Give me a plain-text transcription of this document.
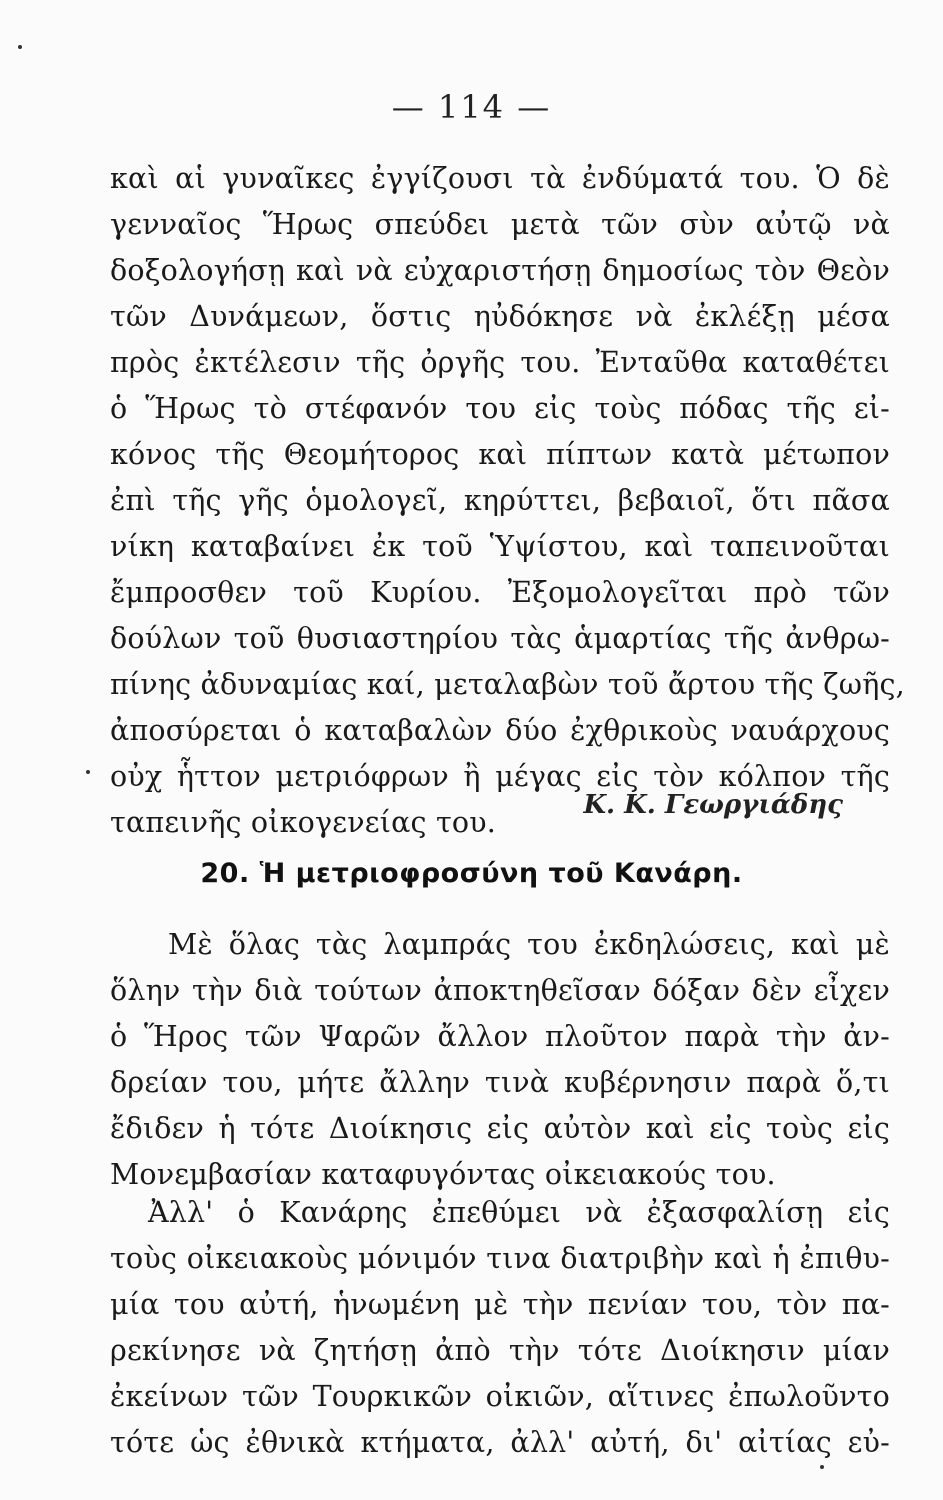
— 114 —
καὶ αἱ γυναῖκες ἐγγίζουσι τὰ ἐνδύματά του. Ὁ δὲ
γενναῖος Ἥρως σπεύδει μετὰ τῶν σὺν αὐτῷ νὰ
δοξολογήσῃ καὶ νὰ εὐχαριστήσῃ δημοσίως τὸν Θεὸν
τῶν Δυνάμεων, ὅστις ηὐδόκησε νὰ ἐκλέξῃ μέσα
πρὸς ἐκτέλεσιν τῆς ὀργῆς του. Ἐνταῦθα καταθέτει
ὁ Ἥρως τὸ στέφανόν του εἰς τοὺς πόδας τῆς εἰ-
κόνος τῆς Θεομήτορος καὶ πίπτων κατὰ μέτωπον
ἐπὶ τῆς γῆς ὁμολογεῖ, κηρύττει, βεβαιοῖ, ὅτι πᾶσα
νίκη καταβαίνει ἐκ τοῦ Ὑψίστου, καὶ ταπεινοῦται
ἔμπροσθεν τοῦ Κυρίου. Ἐξομολογεῖται πρὸ τῶν
δούλων τοῦ θυσιαστηρίου τὰς ἁμαρτίας τῆς ἀνθρω-
πίνης ἀδυναμίας καί, μεταλαβὼν τοῦ ἄρτου τῆς ζωῆς,
ἀποσύρεται ὁ καταβαλὼν δύο ἐχθρικοὺς ναυάρχους
οὐχ ἧττον μετριόφρων ἢ μέγας εἰς τὸν κόλπον τῆς
ταπεινῆς οἰκογενείας του.
Κ. Κ. Γεωργιάδης
20. Ἡ μετριοφροσύνη τοῦ Κανάρη.
Μὲ ὅλας τὰς λαμπράς του ἐκδηλώσεις, καὶ μὲ
ὅλην τὴν διὰ τούτων ἀποκτηθεῖσαν δόξαν δὲν εἶχεν
ὁ Ἥρος τῶν Ψαρῶν ἄλλον πλοῦτον παρὰ τὴν ἀν-
δρείαν του, μήτε ἄλλην τινὰ κυβέρνησιν παρὰ ὅ,τι
ἔδιδεν ἡ τότε Διοίκησις εἰς αὐτὸν καὶ εἰς τοὺς εἰς
Μονεμβασίαν καταφυγόντας οἰκειακούς του.
Ἀλλ' ὁ Κανάρης ἐπεθύμει νὰ ἐξασφαλίσῃ εἰς
τοὺς οἰκειακοὺς μόνιμόν τινα διατριβὴν καὶ ἡ ἐπιθυ-
μία του αὐτή, ἡνωμένη μὲ τὴν πενίαν του, τὸν πα-
ρεκίνησε νὰ ζητήσῃ ἀπὸ τὴν τότε Διοίκησιν μίαν
ἐκείνων τῶν Τουρκικῶν οἰκιῶν, αἵτινες ἐπωλοῦντο
τότε ὡς ἐθνικὰ κτήματα, ἀλλ' αὐτή, δι' αἰτίας εὐ-
